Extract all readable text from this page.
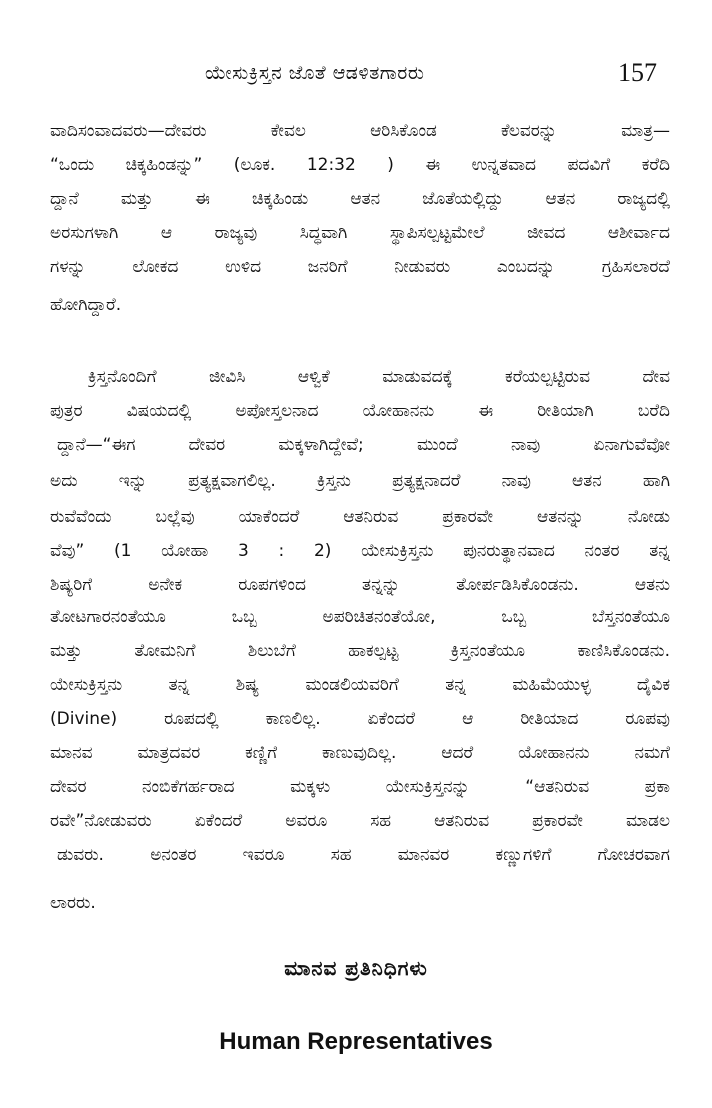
ಯೇಸುಕ್ರಿಸ್ತನ ಜೊತೆ ಆಡಳಿತಗಾರರು	157
ವಾದಿಸಂವಾದವರು—ದೇವರು ಕೇವಲ ಆರಿಸಿಕೊಂಡ ಕೆಲವರನ್ನು ಮಾತ್ರ—
“ಒಂದು ಚಿಕ್ಕಹಿಂಡನ್ನು” (ಲೂಕ. 12:32 ) ಈ ಉನ್ನತವಾದ ಪದವಿಗೆ ಕರೆದಿ
ದ್ದಾನೆ ಮತ್ತು ಈ ಚಿಕ್ಕಹಿಂಡು ಆತನ ಜೊತೆಯಲ್ಲಿದ್ದು ಆತನ ರಾಜ್ಯದಲ್ಲಿ
ಅರಸುಗಳಾಗಿ ಆ ರಾಜ್ಯವು ಸಿದ್ಧವಾಗಿ ಸ್ಥಾಪಿಸಲ್ಪಟ್ಟಮೇಲೆ ಜೀವದ ಆಶೀರ್ವಾದ
ಗಳನ್ನು ಲೋಕದ ಉಳಿದ ಜನರಿಗೆ ನೀಡುವರು ಎಂಬದನ್ನು ಗ್ರಹಿಸಲಾರದೆ
ಹೋಗಿದ್ದಾರೆ.
ಕ್ರಿಸ್ತನೊಂದಿಗೆ ಜೀವಿಸಿ ಆಳ್ವಿಕೆ ಮಾಡುವದಕ್ಕೆ ಕರೆಯಲ್ಪಟ್ಟಿರುವ ದೇವ
ಪುತ್ರರ ವಿಷಯದಲ್ಲಿ ಅಪೋಸ್ತಲನಾದ ಯೋಹಾನನು ಈ ರೀತಿಯಾಗಿ ಬರೆದಿ
ದ್ದಾನೆ—“ಈಗ ದೇವರ ಮಕ್ಕಳಾಗಿದ್ದೇವೆ; ಮುಂದೆ ನಾವು ಏನಾಗುವೆವೋ
ಅದು ಇನ್ನು ಪ್ರತ್ಯಕ್ಷವಾಗಲಿಲ್ಲ. ಕ್ರಿಸ್ತನು ಪ್ರತ್ಯಕ್ಷನಾದರೆ ನಾವು ಆತನ ಹಾಗಿ
ರುವೆವೆಂದು ಬಲ್ಲೆವು ಯಾಕೆಂದರೆ ಆತನಿರುವ ಪ್ರಕಾರವೇ ಆತನನ್ನು ನೋಡು
ವೆವು” (1 ಯೋಹಾ 3 : 2) ಯೇಸುಕ್ರಿಸ್ತನು ಪುನರುತ್ಥಾನವಾದ ನಂತರ ತನ್ನ
ಶಿಷ್ಯರಿಗೆ ಅನೇಕ ರೂಪಗಳಿಂದ ತನ್ನನ್ನು ತೋರ್ಪಡಿಸಿಕೊಂಡನು. ಆತನು
ತೋಟಗಾರನಂತೆಯೂ ಒಬ್ಬ ಅಪರಿಚಿತನಂತೆಯೋ, ಒಬ್ಬ ಬೆಸ್ತನಂತೆಯೂ
ಮತ್ತು ತೋಮನಿಗೆ ಶಿಲುಬೆಗೆ ಹಾಕಲ್ಪಟ್ಟ ಕ್ರಿಸ್ತನಂತೆಯೂ ಕಾಣಿಸಿಕೊಂಡನು.
ಯೇಸುಕ್ರಿಸ್ತನು ತನ್ನ ಶಿಷ್ಯ ಮಂಡಲಿಯವರಿಗೆ ತನ್ನ ಮಹಿಮೆಯುಳ್ಳ ದೈವಿಕ
(Divine) ರೂಪದಲ್ಲಿ ಕಾಣಲಿಲ್ಲ. ಏಕೆಂದರೆ ಆ ರೀತಿಯಾದ ರೂಪವು
ಮಾನವ ಮಾತ್ರದವರ ಕಣ್ಣಿಗೆ ಕಾಣುವುದಿಲ್ಲ. ಆದರೆ ಯೋಹಾನನು ನಮಗೆ
ದೇವರ ನಂಬಿಕೆಗರ್ಹರಾದ ಮಕ್ಕಳು ಯೇಸುಕ್ರಿಸ್ತನನ್ನು “ಆತನಿರುವ ಪ್ರಕಾ
ರವೇ”ನೋಡುವರು ಏಕೆಂದರೆ ಅವರೂ ಸಹ ಆತನಿರುವ ಪ್ರಕಾರವೇ ಮಾಡಲ
ಡುವರು. ಅನಂತರ ಇವರೂ ಸಹ ಮಾನವರ ಕಣ್ಣುಗಳಿಗೆ ಗೋಚರವಾಗ
ಲಾರರು.
ಮಾನವ ಪ್ರತಿನಿಧಿಗಳು
Human Representatives
